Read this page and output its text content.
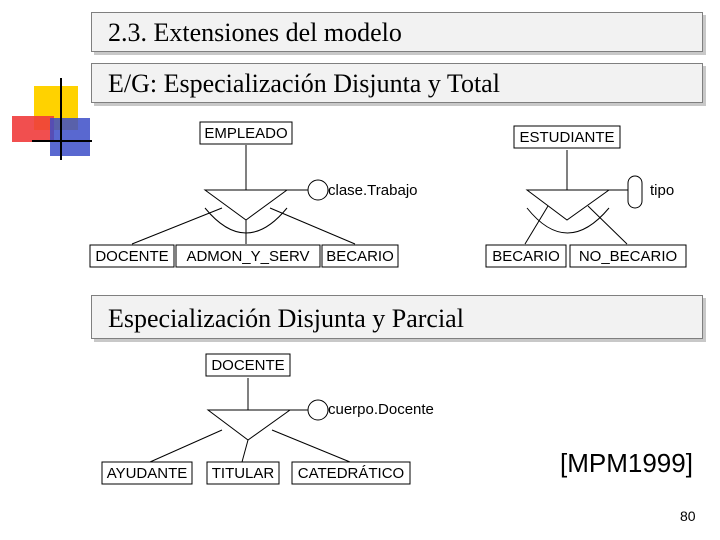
2.3. Extensiones del modelo
E/G: Especialización Disjunta y Total
Especialización Disjunta y Parcial
EMPLEADO
clase.Trabajo
DOCENTE ADMON_Y_SERV BECARIO
ESTUDIANTE
tipo
BECARIO NO_BECARIO
DOCENTE
cuerpo.Docente
AYUDANTE TITULAR CATEDRÁTICO	[MPM1999]
80
